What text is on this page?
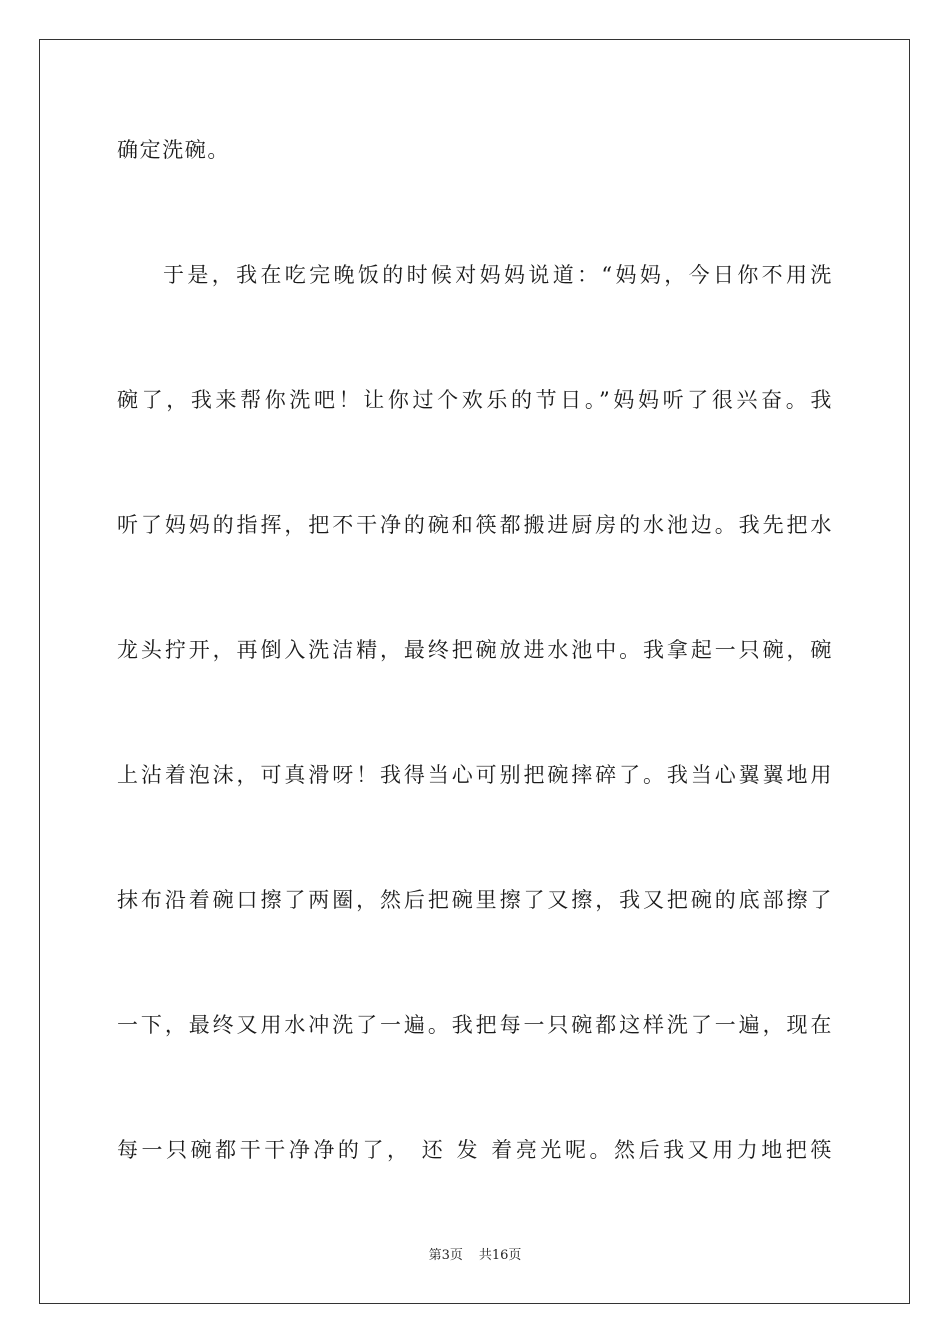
确定洗碗。
于是，我在吃完晚饭的时候对妈妈说道：“妈妈，今日你不用洗
碗了，我来帮你洗吧！让你过个欢乐的节日。”妈妈听了很兴奋。我
听了妈妈的指挥，把不干净的碗和筷都搬进厨房的水池边。我先把水
龙头拧开，再倒入洗洁精，最终把碗放进水池中。我拿起一只碗，碗
上沾着泡沫，可真滑呀！我得当心可别把碗摔碎了。我当心翼翼地用
抹布沿着碗口擦了两圈，然后把碗里擦了又擦，我又把碗的底部擦了
一下，最终又用水冲洗了一遍。我把每一只碗都这样洗了一遍，现在
每一只碗都干干净净的了， 还 发 着亮光呢。然后我又用力地把筷
第3页 共16页
